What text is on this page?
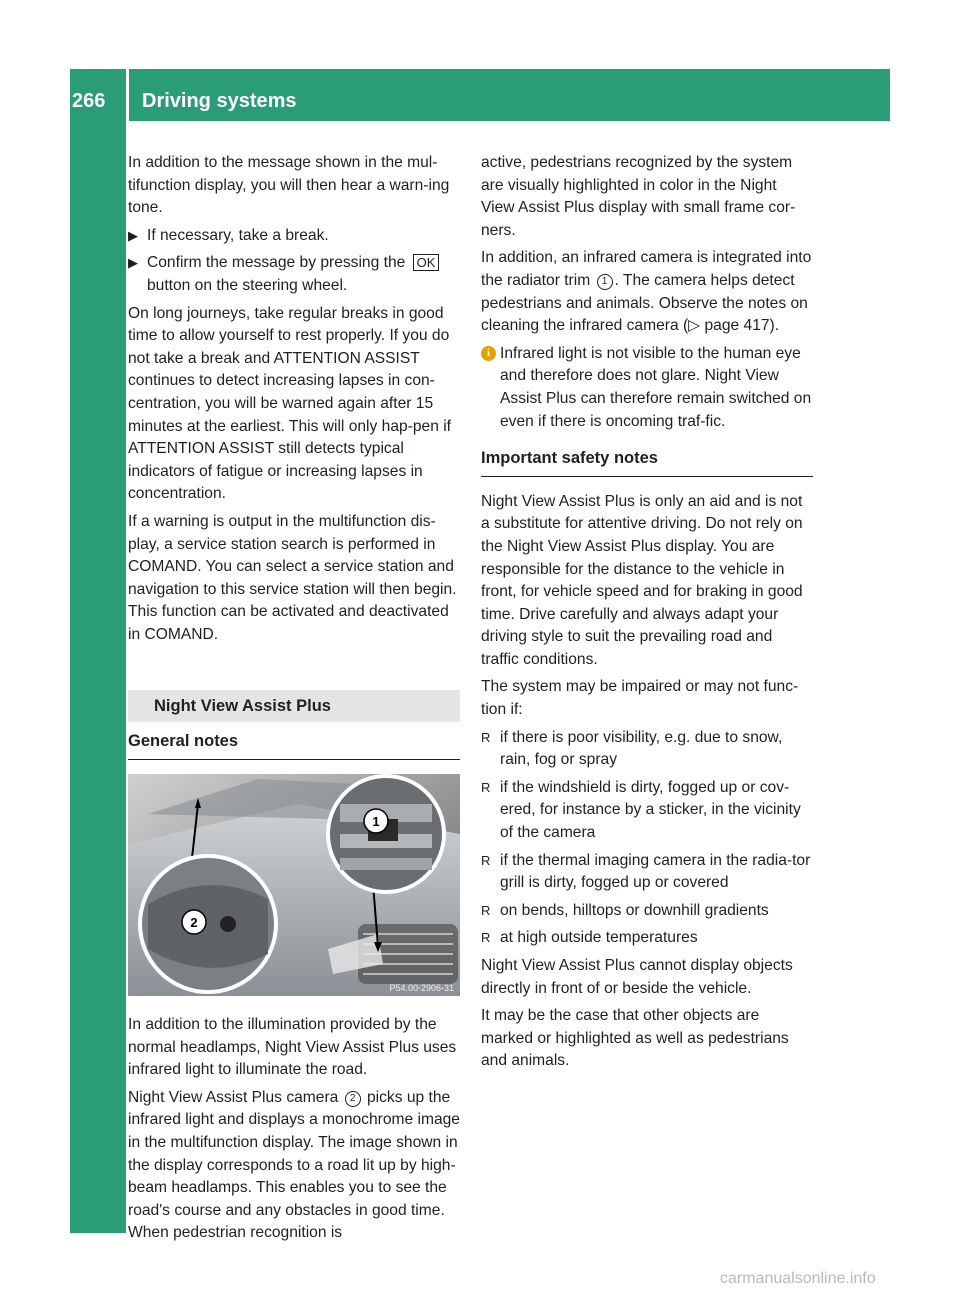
266	Driving systems
Driving and parking

In addition to the message shown in the mul-tifunction display, you will then hear a warn-ing tone.

▶ If necessary, take a break.
▶ Confirm the message by pressing the OK button on the steering wheel.

On long journeys, take regular breaks in good time to allow yourself to rest properly. If you do not take a break and ATTENTION ASSIST continues to detect increasing lapses in con-centration, you will be warned again after 15 minutes at the earliest. This will only hap-pen if ATTENTION ASSIST still detects typical indicators of fatigue or increasing lapses in concentration.

If a warning is output in the multifunction dis-play, a service station search is performed in COMAND. You can select a service station and navigation to this service station will then begin. This function can be activated and deactivated in COMAND.

Night View Assist Plus
General notes
2
1
P54.00-2906-31

In addition to the illumination provided by the normal headlamps, Night View Assist Plus uses infrared light to illuminate the road.

Night View Assist Plus camera 2 picks up the infrared light and displays a monochrome image in the multifunction display. The image shown in the display corresponds to a road lit up by high-beam headlamps. This enables you to see the road's course and any obstacles in good time. When pedestrian recognition is

active, pedestrians recognized by the system are visually highlighted in color in the Night View Assist Plus display with small frame cor-ners.

In addition, an infrared camera is integrated into the radiator trim 1 . The camera helps detect pedestrians and animals. Observe the notes on cleaning the infrared camera (▷ page 417).

i Infrared light is not visible to the human eye and therefore does not glare. Night View Assist Plus can therefore remain switched on even if there is oncoming traf-fic.
Important safety notes

Night View Assist Plus is only an aid and is not a substitute for attentive driving. Do not rely on the Night View Assist Plus display. You are responsible for the distance to the vehicle in front, for vehicle speed and for braking in good time. Drive carefully and always adapt your driving style to suit the prevailing road and traffic conditions.

The system may be impaired or may not func-tion if:

R if there is poor visibility, e.g. due to snow, rain, fog or spray
R if the windshield is dirty, fogged up or cov-ered, for instance by a sticker, in the vicinity of the camera
R if the thermal imaging camera in the radia-tor grill is dirty, fogged up or covered
R on bends, hilltops or downhill gradients
R at high outside temperatures

Night View Assist Plus cannot display objects directly in front of or beside the vehicle.

It may be the case that other objects are marked or highlighted as well as pedestrians and animals.

carmanualsonline.info
